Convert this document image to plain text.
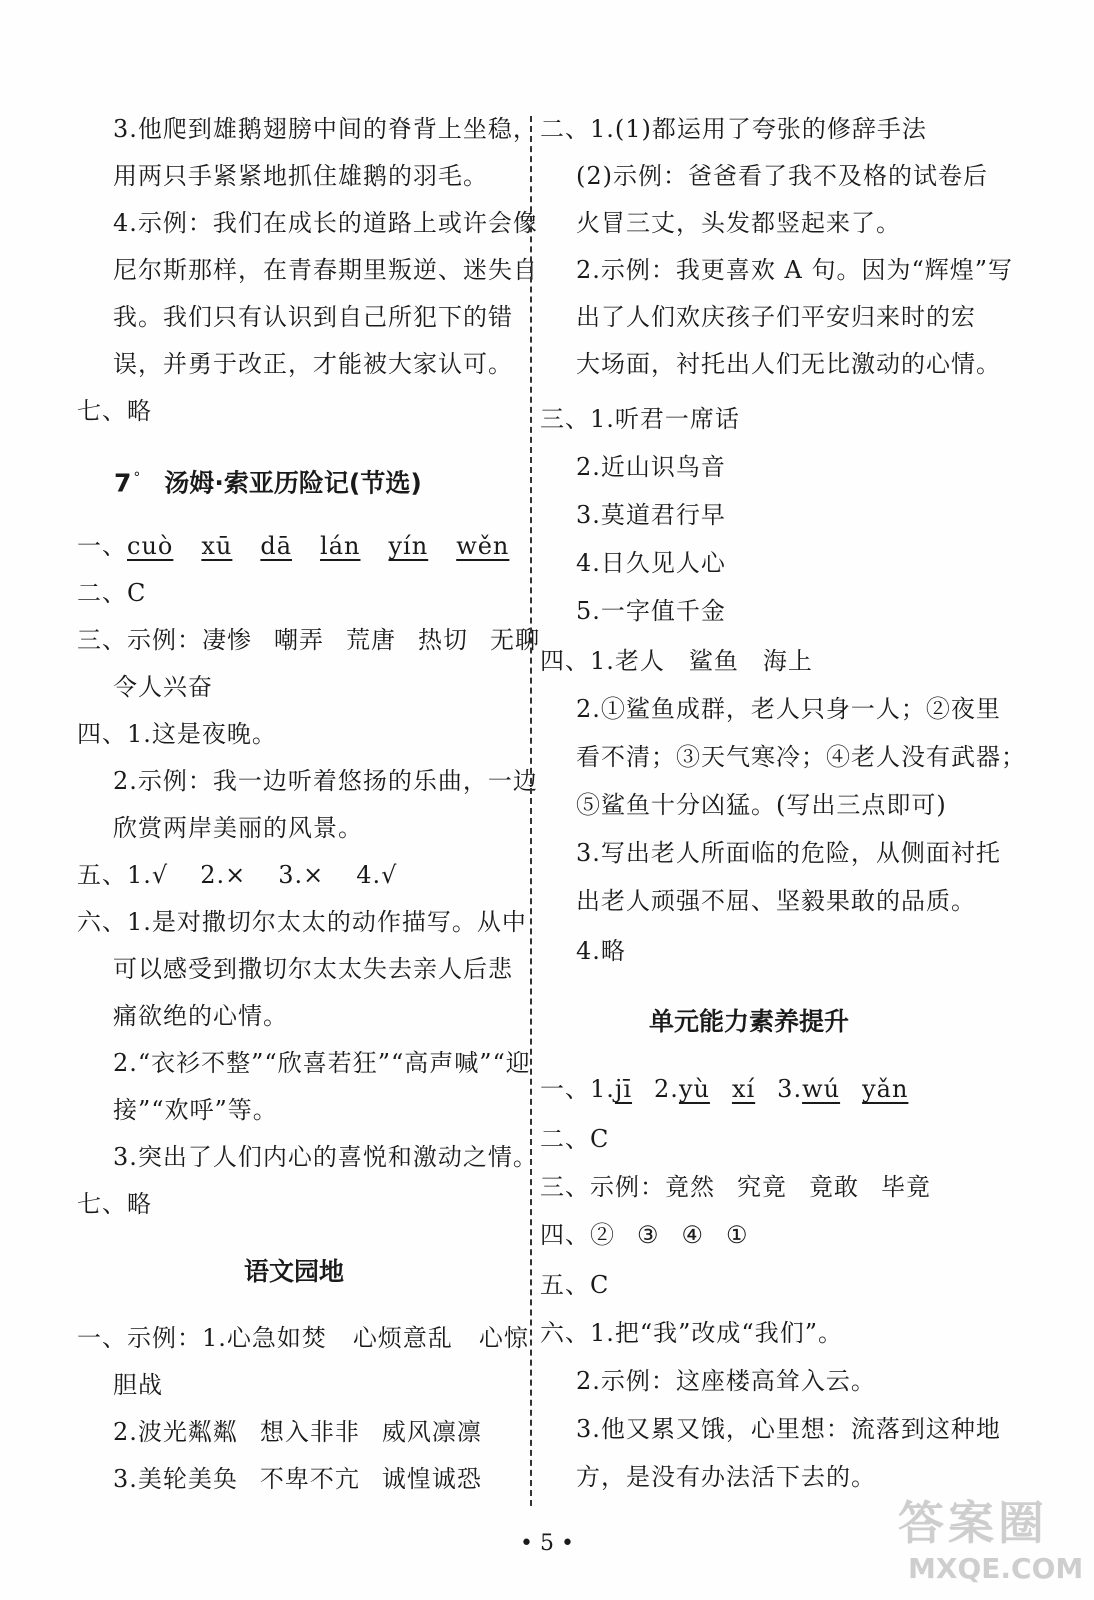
3.他爬到雄鹅翅膀中间的脊背上坐稳，
用两只手紧紧地抓住雄鹅的羽毛。
4.示例：我们在成长的道路上或许会像
尼尔斯那样，在青春期里叛逆、迷失自
我。我们只有认识到自己所犯下的错
误，并勇于改正，才能被大家认可。
七、略
7 ° 汤姆·索亚历险记(节选)
一、cuò xū dā lán yín wěn
二、C
三、示例：凄惨 嘲弄 荒唐 热切 无聊
令人兴奋
四、1.这是夜晚。
2.示例：我一边听着悠扬的乐曲，一边
欣赏两岸美丽的风景。
五、1.√ 2.× 3.× 4.√
六、1.是对撒切尔太太的动作描写。从中
可以感受到撒切尔太太失去亲人后悲
痛欲绝的心情。
2.“衣衫不整”“欣喜若狂”“高声喊”“迎
接”“欢呼”等。
3.突出了人们内心的喜悦和激动之情。
七、略
语文园地
一、示例：1.心急如焚 心烦意乱 心惊
胆战
2.波光粼粼 想入非非 威风凛凛
3.美轮美奂 不卑不亢 诚惶诚恐
二、1.(1)都运用了夸张的修辞手法
(2)示例：爸爸看了我不及格的试卷后
火冒三丈，头发都竖起来了。
2.示例：我更喜欢 A 句。因为“辉煌”写
出了人们欢庆孩子们平安归来时的宏
大场面，衬托出人们无比激动的心情。
三、1.听君一席话
2.近山识鸟音
3.莫道君行早
4.日久见人心
5.一字值千金
四、1.老人 鲨鱼 海上
2.①鲨鱼成群，老人只身一人；②夜里
看不清；③天气寒冷；④老人没有武器；
⑤鲨鱼十分凶猛。(写出三点即可)
3.写出老人所面临的危险，从侧面衬托
出老人顽强不屈、坚毅果敢的品质。
4.略
单元能力素养提升
一、1.jī 2.yù xí 3.wú yǎn
二、C
三、示例：竟然 究竟 竟敢 毕竟
四、② ③ ④ ①
五、C
六、1.把“我”改成“我们”。
2.示例：这座楼高耸入云。
3.他又累又饿，心里想：流落到这种地
方，是没有办法活下去的。
• 5 •	答案圈
MXQE.COM
